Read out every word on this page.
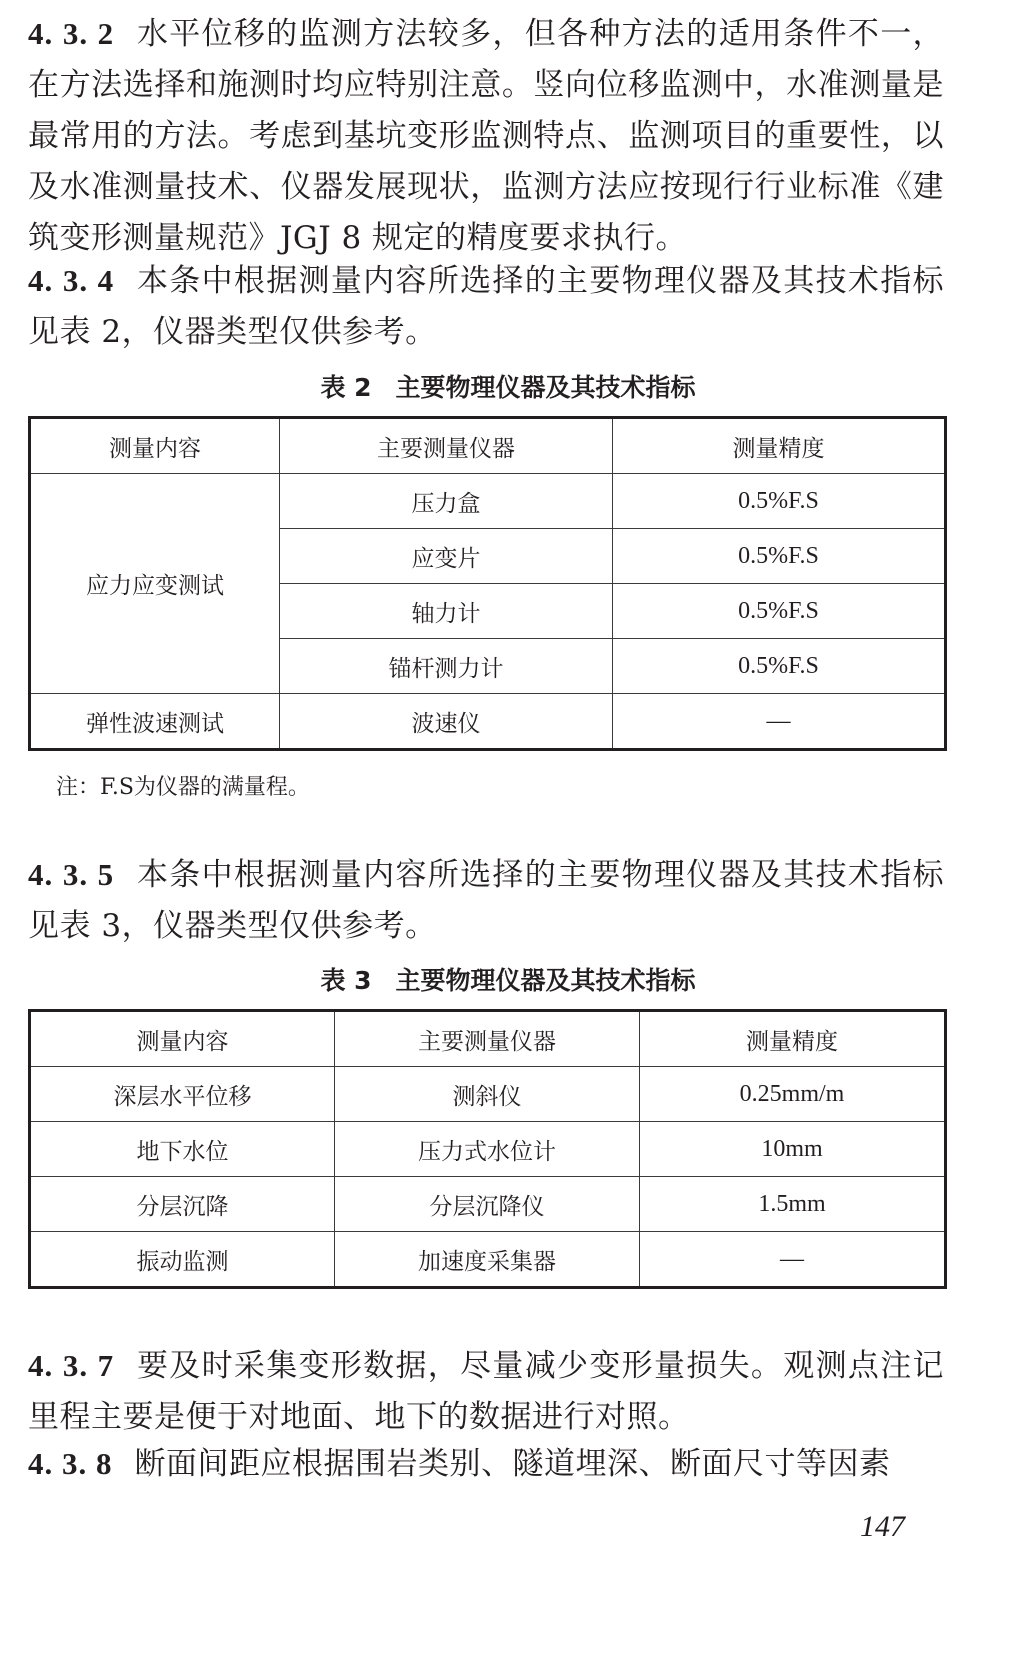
4. 3. 2 水平位移的监测方法较多，但各种方法的适用条件不一，在方法选择和施测时均应特别注意。竖向位移监测中，水准测量是最常用的方法。考虑到基坑变形监测特点、监测项目的重要性，以及水准测量技术、仪器发展现状，监测方法应按现行行业标准《建筑变形测量规范》JGJ 8 规定的精度要求执行。
4. 3. 4 本条中根据测量内容所选择的主要物理仪器及其技术指标见表 2，仪器类型仅供参考。
表 2 主要物理仪器及其技术指标
测量内容	主要测量仪器	测量精度
应力应变测试	压力盒	0.5%F.S
	应变片	0.5%F.S
	轴力计	0.5%F.S
	锚杆测力计	0.5%F.S
弹性波速测试	波速仪	—
注：F.S为仪器的满量程。
4. 3. 5 本条中根据测量内容所选择的主要物理仪器及其技术指标见表 3，仪器类型仅供参考。
表 3 主要物理仪器及其技术指标
测量内容	主要测量仪器	测量精度
深层水平位移	测斜仪	0.25mm/m
地下水位	压力式水位计	10mm
分层沉降	分层沉降仪	1.5mm
振动监测	加速度采集器	—
4. 3. 7 要及时采集变形数据，尽量减少变形量损失。观测点注记里程主要是便于对地面、地下的数据进行对照。
4. 3. 8 断面间距应根据围岩类别、隧道埋深、断面尺寸等因素
147
